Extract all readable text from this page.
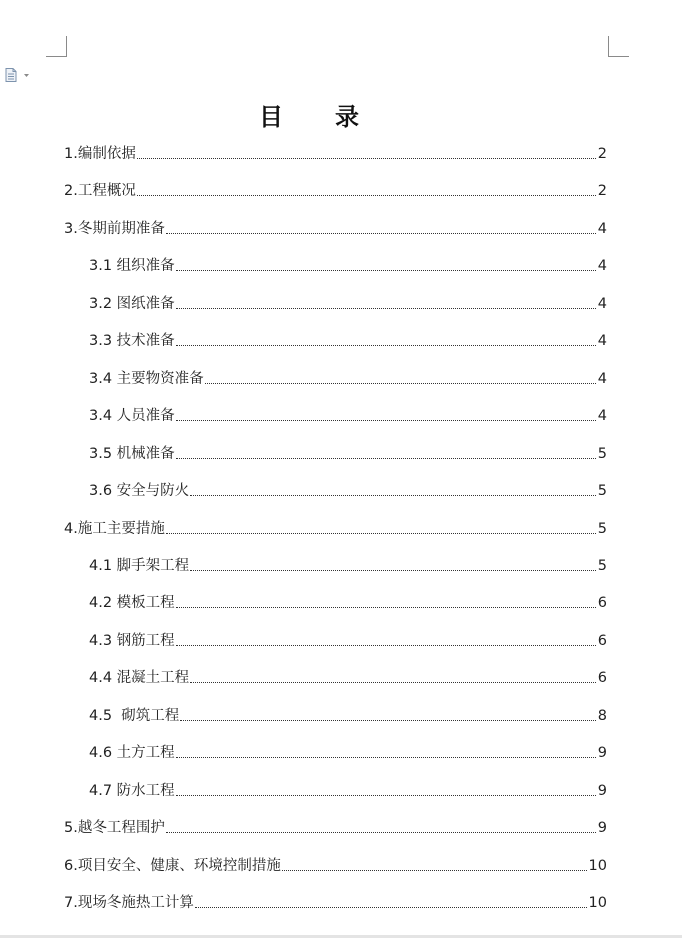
目 录
1.编制依据	2
2.工程概况	2
3.冬期前期准备	4
3.1 组织准备	4
3.2 图纸准备	4
3.3 技术准备	4
3.4 主要物资准备	4
3.4 人员准备	4
3.5 机械准备	5
3.6 安全与防火	5
4.施工主要措施	5
4.1 脚手架工程	5
4.2 模板工程	6
4.3 钢筋工程	6
4.4 混凝土工程	6
4.5  砌筑工程	8
4.6 土方工程	9
4.7 防水工程	9
5.越冬工程围护	9
6.项目安全、健康、环境控制措施	10
7.现场冬施热工计算	10
